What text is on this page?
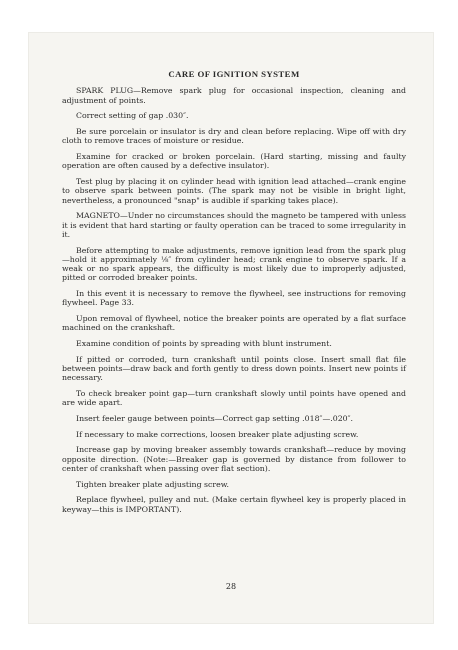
CARE OF IGNITION SYSTEM

SPARK PLUG—Remove spark plug for occasional inspection, cleaning and adjustment of points.

Correct setting of gap .030″.

Be sure porcelain or insulator is dry and clean before replacing. Wipe off with dry cloth to remove traces of moisture or residue.

Examine for cracked or broken porcelain. (Hard starting, missing and faulty operation are often caused by a defective insulator).

Test plug by placing it on cylinder head with ignition lead attached—crank engine to observe spark between points. (The spark may not be visible in bright light, nevertheless, a pronounced "snap" is audible if sparking takes place).

MAGNETO—Under no circumstances should the magneto be tampered with unless it is evident that hard starting or faulty operation can be traced to some irregularity in it.

Before attempting to make adjustments, remove ignition lead from the spark plug—hold it approximately ⅛″ from cylinder head; crank engine to observe spark. If a weak or no spark appears, the difficulty is most likely due to improperly adjusted, pitted or corroded breaker points.

In this event it is necessary to remove the flywheel, see instructions for removing flywheel. Page 33.

Upon removal of flywheel, notice the breaker points are operated by a flat surface machined on the crankshaft.

Examine condition of points by spreading with blunt instrument.

If pitted or corroded, turn crankshaft until points close. Insert small flat file between points—draw back and forth gently to dress down points. Insert new points if necessary.

To check breaker point gap—turn crankshaft slowly until points have opened and are wide apart.

Insert feeler gauge between points—Correct gap setting .018″—.020″.

If necessary to make corrections, loosen breaker plate adjusting screw.

Increase gap by moving breaker assembly towards crankshaft—reduce by moving opposite direction. (Note:—Breaker gap is governed by distance from follower to center of crankshaft when passing over flat section).

Tighten breaker plate adjusting screw.

Replace flywheel, pulley and nut. (Make certain flywheel key is properly placed in keyway—this is IMPORTANT).

28
